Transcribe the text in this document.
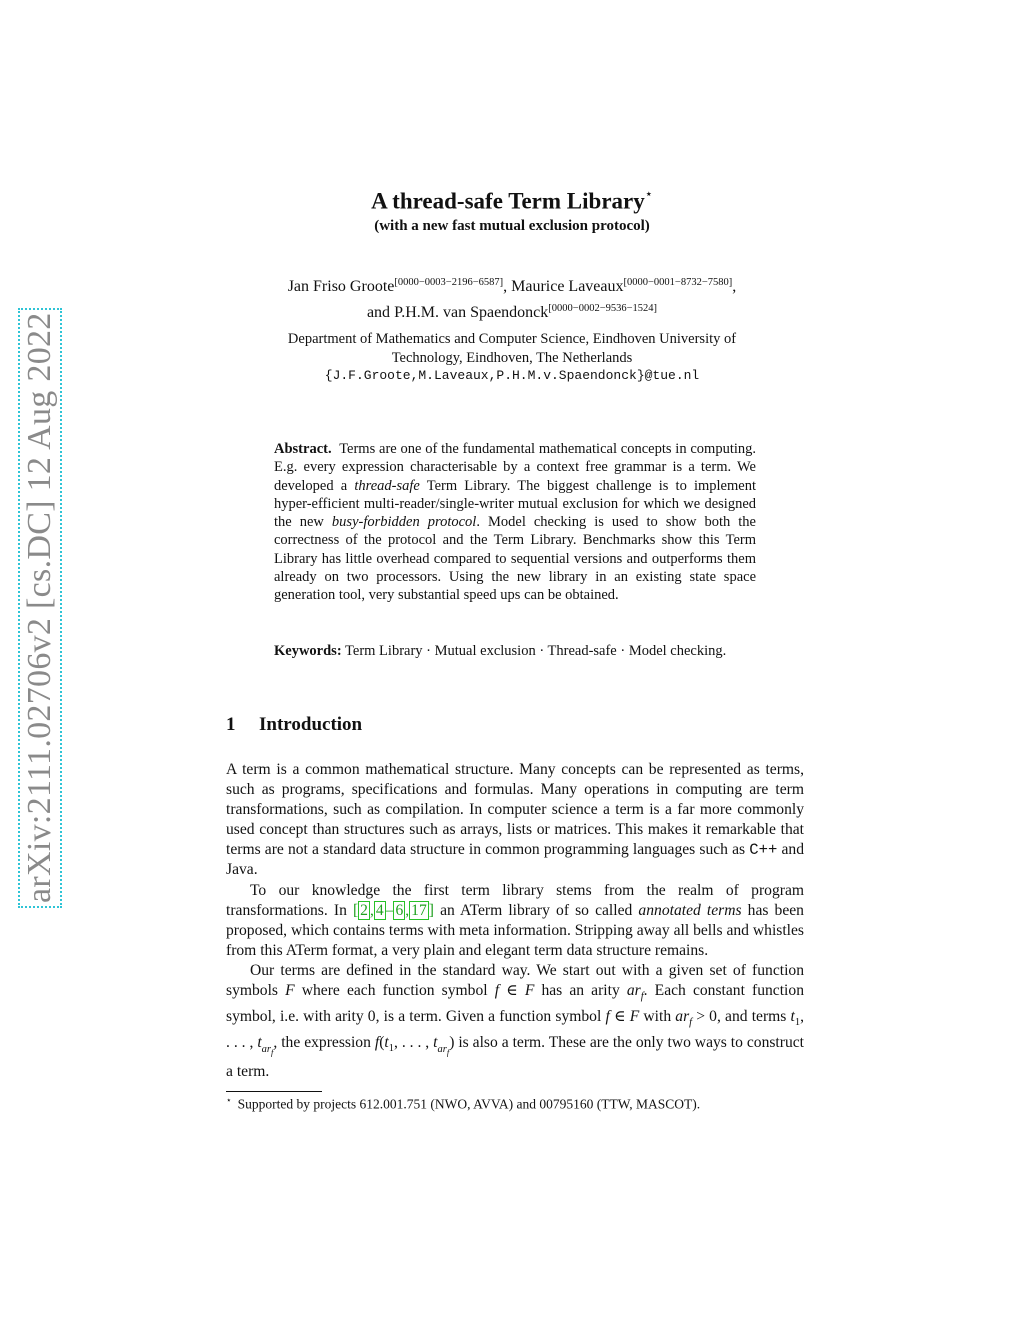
arXiv:2111.02706v2 [cs.DC] 12 Aug 2022
A thread-safe Term Library⋆
(with a new fast mutual exclusion protocol)
Jan Friso Groote[0000−0003−2196−6587], Maurice Laveaux[0000−0001−8732−7580],
and P.H.M. van Spaendonck[0000−0002−9536−1524]
Department of Mathematics and Computer Science, Eindhoven University of
Technology, Eindhoven, The Netherlands
{J.F.Groote,M.Laveaux,P.H.M.v.Spaendonck}@tue.nl
Abstract. Terms are one of the fundamental mathematical concepts in computing. E.g. every expression characterisable by a context free grammar is a term. We developed a thread-safe Term Library. The biggest challenge is to implement hyper-efficient multi-reader/single-writer mutual exclusion for which we designed the new busy-forbidden protocol. Model checking is used to show both the correctness of the protocol and the Term Library. Benchmarks show this Term Library has little overhead compared to sequential versions and outperforms them already on two processors. Using the new library in an existing state space generation tool, very substantial speed ups can be obtained.
Keywords: Term Library · Mutual exclusion · Thread-safe · Model checking.
1 Introduction

A term is a common mathematical structure. Many concepts can be represented as terms, such as programs, specifications and formulas. Many operations in computing are term transformations, such as compilation. In computer science a term is a far more commonly used concept than structures such as arrays, lists or matrices. This makes it remarkable that terms are not a standard data structure in common programming languages such as C++ and Java.

To our knowledge the first term library stems from the realm of program transformations. In [ 2 , 4 – 6 , 17 ] an ATerm library of so called annotated terms has been proposed, which contains terms with meta information. Stripping away all bells and whistles from this ATerm format, a very plain and elegant term data structure remains.

Our terms are defined in the standard way. We start out with a given set of function symbols F where each function symbol f ∈ F has an arity $ar_f$. Each constant function symbol, i.e. with arity 0, is a term. Given a function symbol f ∈ F with $ar_f > 0$, and terms $t_1$, . . . , $t_{ar_f}$, the expression $f(t_1$, . . . , $t_{ar_f}$) is also a term. These are the only two ways to construct a term.

⋆ Supported by projects 612.001.751 (NWO, AVVA) and 00795160 (TTW, MASCOT).
